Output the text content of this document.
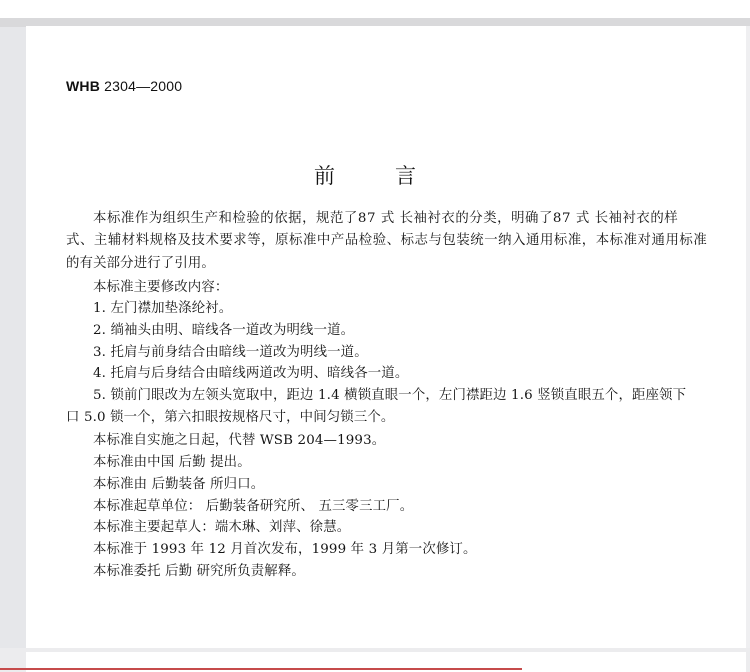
WHB 2304—2000
前言
本标准作为组织生产和检验的依据，规范了87 式 长袖衬衣的分类，明确了87 式 长袖衬衣的样
式、主辅材料规格及技术要求等，原标准中产品检验、标志与包装统一纳入通用标准，本标准对通用标准
的有关部分进行了引用。
本标准主要修改内容：
1. 左门襟加垫涤纶衬。
2. 绱袖头由明、暗线各一道改为明线一道。
3. 托肩与前身结合由暗线一道改为明线一道。
4. 托肩与后身结合由暗线两道改为明、暗线各一道。
5. 锁前门眼改为左领头宽取中，距边 1.4 横锁直眼一个，左门襟距边 1.6 竖锁直眼五个，距座领下
口 5.0 锁一个，第六扣眼按规格尺寸，中间匀锁三个。
本标准自实施之日起，代替 WSB 204—1993。
本标准由中国 后勤 提出。
本标准由 后勤装备 所归口。
本标准起草单位： 后勤装备研究所、 五三零三工厂。
本标准主要起草人：端木琳、刘萍、徐慧。
本标准于 1993 年 12 月首次发布，1999 年 3 月第一次修订。
本标准委托 后勤 研究所负责解释。
